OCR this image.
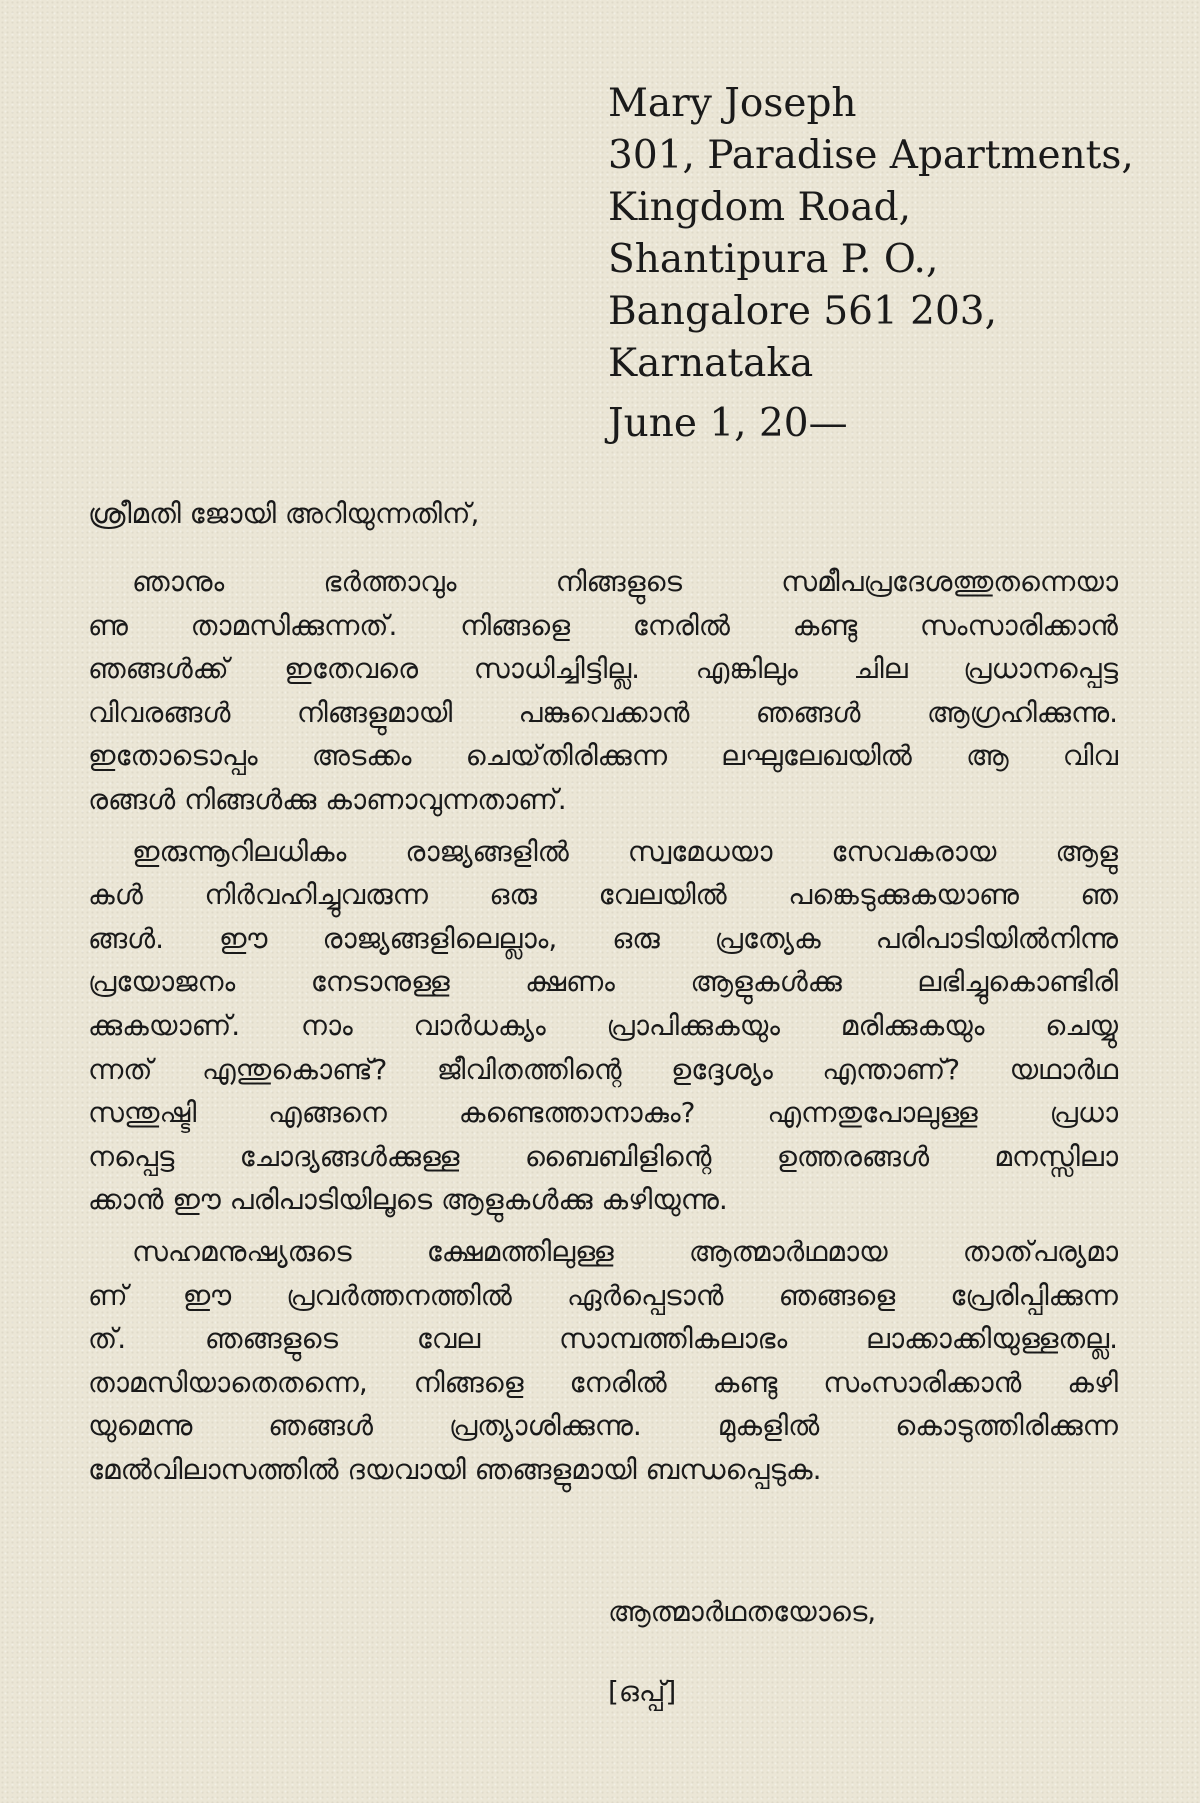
Mary Joseph
301, Paradise Apartments,
Kingdom Road,
Shantipura P. O.,
Bangalore 561 203,
Karnataka
June 1, 20—
ശ്രീമതി ജോയി അറിയുന്നതിന്,
ഞാനും ഭർത്താവും നിങ്ങളുടെ സമീപപ്രദേശത്തുതന്നെയാ
ണു താമസിക്കുന്നത്. നിങ്ങളെ നേരിൽ കണ്ടു സംസാരിക്കാൻ
ഞങ്ങൾക്ക് ഇതേവരെ സാധിച്ചിട്ടില്ല. എങ്കിലും ചില പ്രധാനപ്പെട്ട
വിവരങ്ങൾ നിങ്ങളുമായി പങ്കുവെക്കാൻ ഞങ്ങൾ ആഗ്രഹിക്കുന്നു.
ഇതോടൊപ്പം അടക്കം ചെയ്‌തിരിക്കുന്ന ലഘുലേഖയിൽ ആ വിവ
രങ്ങൾ നിങ്ങൾക്കു കാണാവുന്നതാണ്.
ഇരുന്നൂറിലധികം രാജ്യങ്ങളിൽ സ്വമേധയാ സേവകരായ ആളു
കൾ നിർവഹിച്ചുവരുന്ന ഒരു വേലയിൽ പങ്കെടുക്കുകയാണു ഞ
ങ്ങൾ. ഈ രാജ്യങ്ങളിലെല്ലാം, ഒരു പ്രത്യേക പരിപാടിയിൽനിന്നു
പ്രയോജനം നേടാനുള്ള ക്ഷണം ആളുകൾക്കു ലഭിച്ചുകൊണ്ടിരി
ക്കുകയാണ്. നാം വാർധക്യം പ്രാപിക്കുകയും മരിക്കുകയും ചെയ്യു
ന്നത് എന്തുകൊണ്ട്? ജീവിതത്തിന്റെ ഉദ്ദേശ്യം എന്താണ്? യഥാർഥ
സന്തുഷ്ടി എങ്ങനെ കണ്ടെത്താനാകും? എന്നതുപോലുള്ള പ്രധാ
നപ്പെട്ട ചോദ്യങ്ങൾക്കുള്ള ബൈബിളിന്റെ ഉത്തരങ്ങൾ മനസ്സിലാ
ക്കാൻ ഈ പരിപാടിയിലൂടെ ആളുകൾക്കു കഴിയുന്നു.
സഹമനുഷ്യരുടെ ക്ഷേമത്തിലുള്ള ആത്മാർഥമായ താത്‌പര്യമാ
ണ് ഈ പ്രവർത്തനത്തിൽ ഏർപ്പെടാൻ ഞങ്ങളെ പ്രേരിപ്പിക്കുന്ന
ത്. ഞങ്ങളുടെ വേല സാമ്പത്തികലാഭം ലാക്കാക്കിയുള്ളതല്ല.
താമസിയാതെതന്നെ, നിങ്ങളെ നേരിൽ കണ്ടു സംസാരിക്കാൻ കഴി
യുമെന്നു ഞങ്ങൾ പ്രത്യാശിക്കുന്നു. മുകളിൽ കൊടുത്തിരിക്കുന്ന
മേൽവിലാസത്തിൽ ദയവായി ഞങ്ങളുമായി ബന്ധപ്പെടുക.
ആത്മാർഥതയോടെ,
[ഒപ്പ്]
